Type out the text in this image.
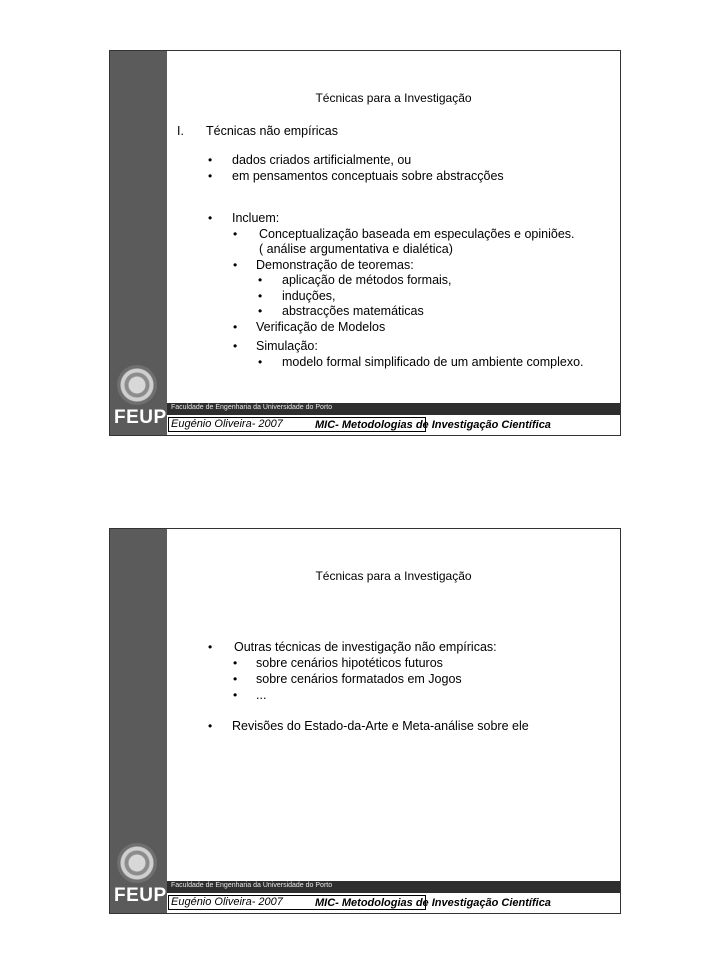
FEUP
Técnicas para a Investigação
I. Técnicas não empíricas
• dados criados artificialmente, ou
• em pensamentos conceptuais sobre abstracções
• Incluem:
• Conceptualização baseada em especulações e opiniões.
( análise argumentativa e dialética)
• Demonstração de teoremas:
• aplicação de métodos formais,
• induções,
• abstracções matemáticas
• Verificação de Modelos
• Simulação:
• modelo formal simplificado de um ambiente complexo.
Faculdade de Engenharia da Universidade do Porto
Eugénio Oliveira- 2007	MIC- Metodologias de Investigação Científica
FEUP
Técnicas para a Investigação
• Outras técnicas de investigação não empíricas:
• sobre cenários hipotéticos futuros
• sobre cenários formatados em Jogos
• ...
• Revisões do Estado-da-Arte e Meta-análise sobre ele
Faculdade de Engenharia da Universidade do Porto
Eugénio Oliveira- 2007	MIC- Metodologias de Investigação Científica
